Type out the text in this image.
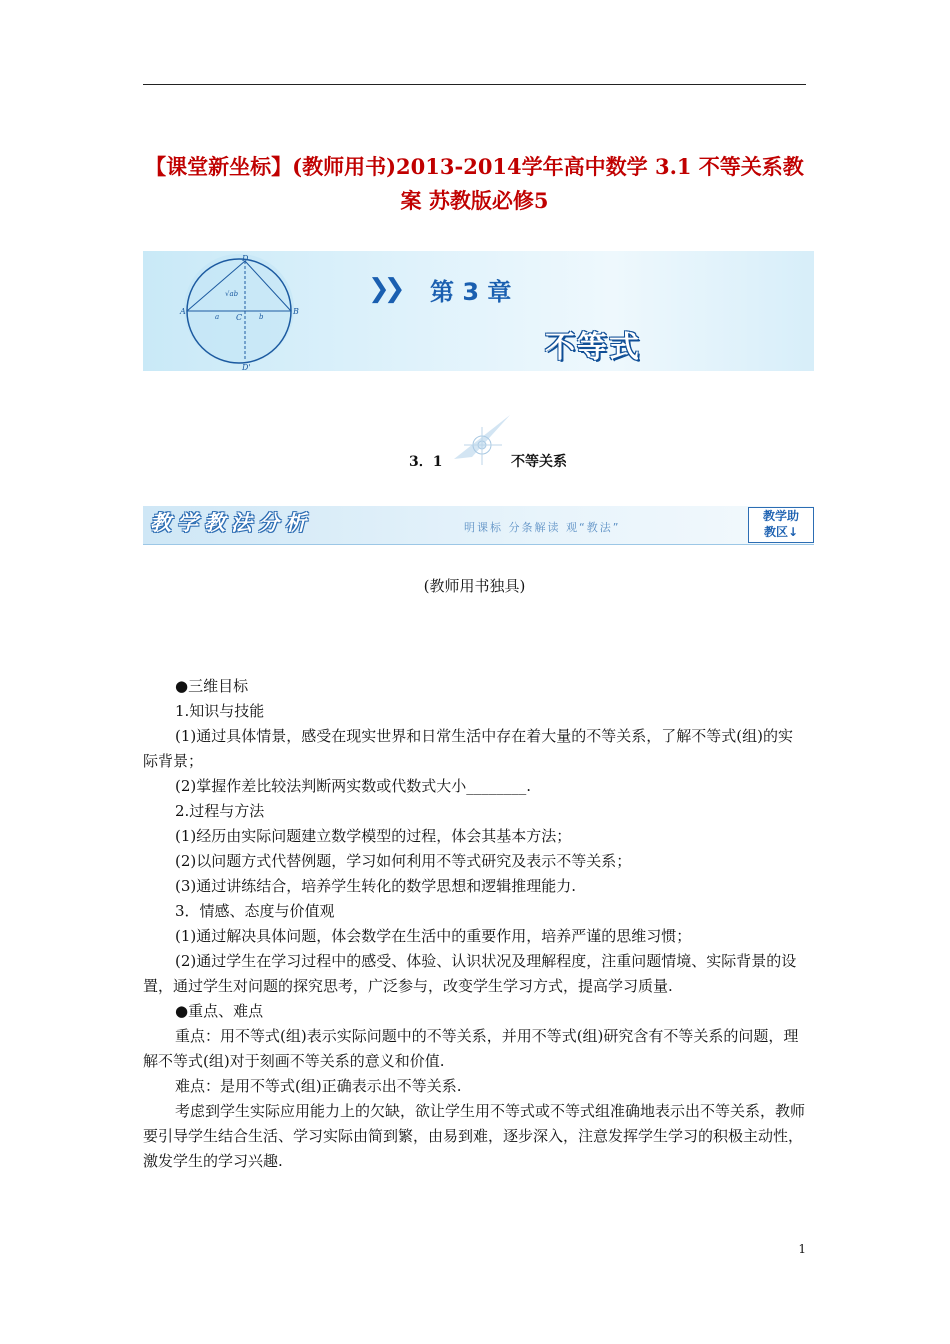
【课堂新坐标】(教师用书)2013-2014学年高中数学 3.1 不等关系教
案 苏教版必修5
D
√ab
A
a C b
B
D'
❯❯ 第 3 章
不等式
3．1	不等关系
教学教法分析	明课标 分条解读 观“教法”
教学助
教区↓
(教师用书独具)

●三维目标

1.知识与技能

(1)通过具体情景，感受在现实世界和日常生活中存在着大量的不等关系，了解不等式(组)的实际背景；

(2)掌握作差比较法判断两实数或代数式大小________.

2.过程与方法

(1)经历由实际问题建立数学模型的过程，体会其基本方法；

(2)以问题方式代替例题，学习如何利用不等式研究及表示不等关系；

(3)通过讲练结合，培养学生转化的数学思想和逻辑推理能力.

3．情感、态度与价值观

(1)通过解决具体问题，体会数学在生活中的重要作用，培养严谨的思维习惯；

(2)通过学生在学习过程中的感受、体验、认识状况及理解程度，注重问题情境、实际背景的设置，通过学生对问题的探究思考，广泛参与，改变学生学习方式，提高学习质量.

●重点、难点

重点：用不等式(组)表示实际问题中的不等关系，并用不等式(组)研究含有不等关系的问题，理解不等式(组)对于刻画不等关系的意义和价值.

难点：是用不等式(组)正确表示出不等关系.

考虑到学生实际应用能力上的欠缺，欲让学生用不等式或不等式组准确地表示出不等关系，教师要引导学生结合生活、学习实际由简到繁，由易到难，逐步深入，注意发挥学生学习的积极主动性，激发学生的学习兴趣.

1
